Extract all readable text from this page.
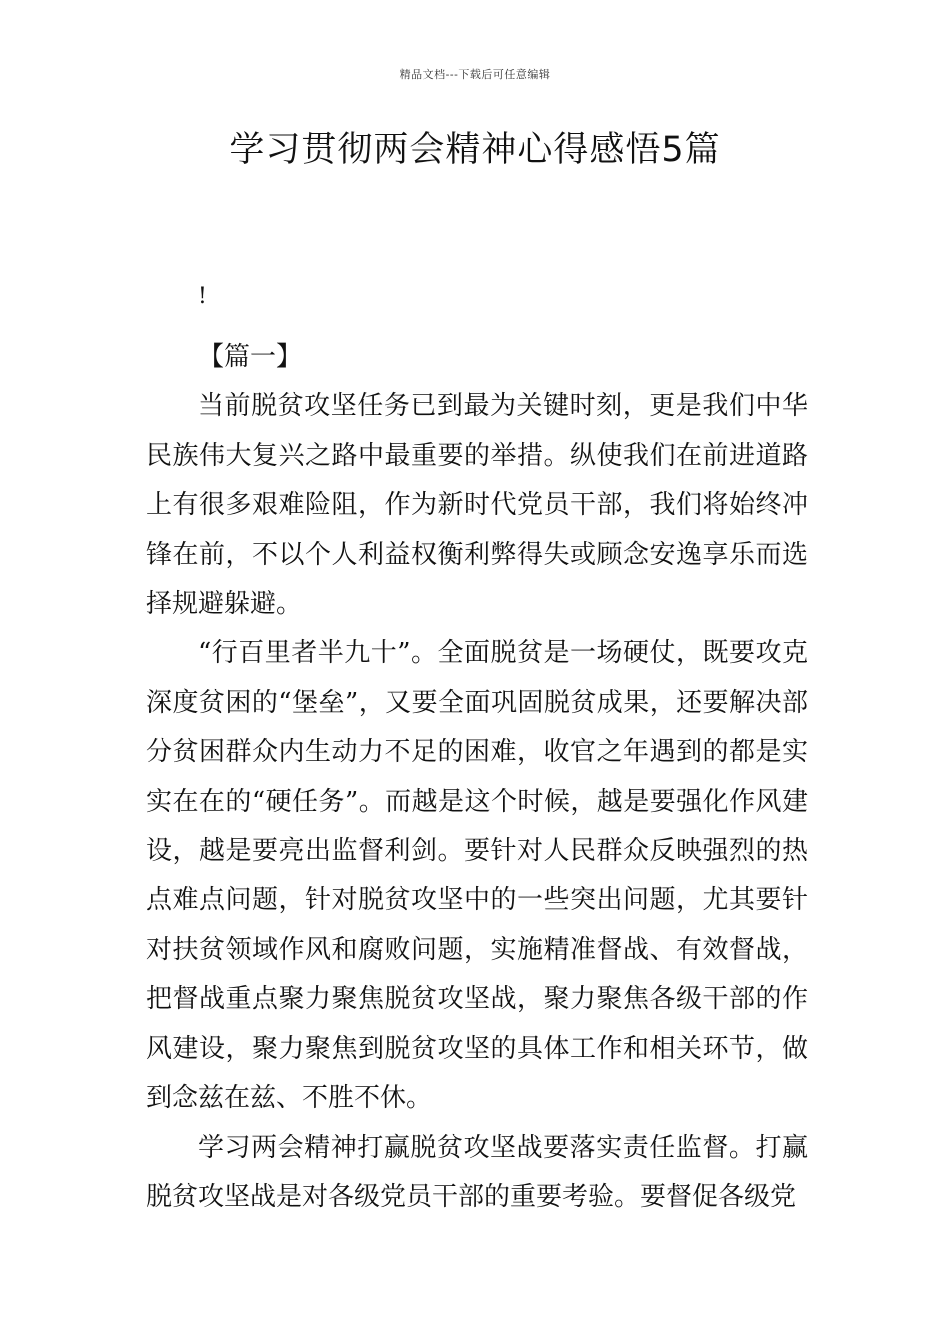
精品文档---下载后可任意编辑
学习贯彻两会精神心得感悟5篇
!

【篇一】

当前脱贫攻坚任务已到最为关键时刻，更是我们中华民族伟大复兴之路中最重要的举措。纵使我们在前进道路上有很多艰难险阻，作为新时代党员干部，我们将始终冲锋在前，不以个人利益权衡利弊得失或顾念安逸享乐而选择规避躲避。

“行百里者半九十”。全面脱贫是一场硬仗，既要攻克深度贫困的“堡垒”，又要全面巩固脱贫成果，还要解决部分贫困群众内生动力不足的困难，收官之年遇到的都是实实在在的“硬任务”。而越是这个时候，越是要强化作风建设，越是要亮出监督利剑。要针对人民群众反映强烈的热点难点问题，针对脱贫攻坚中的一些突出问题，尤其要针对扶贫领域作风和腐败问题，实施精准督战、有效督战，把督战重点聚力聚焦脱贫攻坚战，聚力聚焦各级干部的作风建设，聚力聚焦到脱贫攻坚的具体工作和相关环节，做到念兹在兹、不胜不休。

学习两会精神打赢脱贫攻坚战要落实责任监督。打赢脱贫攻坚战是对各级党员干部的重要考验。要督促各级党
